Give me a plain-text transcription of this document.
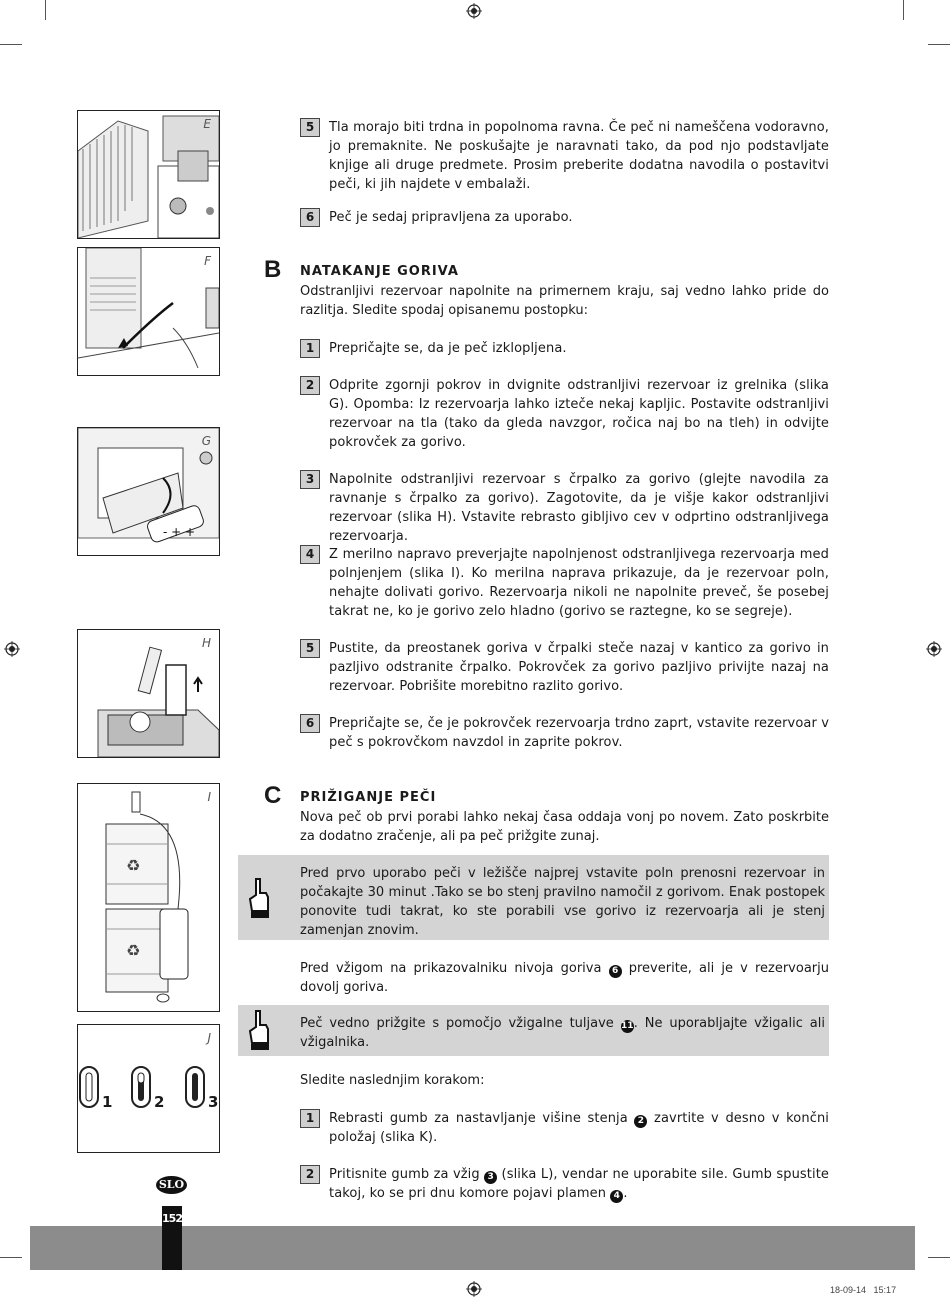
E
F
- + +
G
H
♻
♻
I
J
1	2	3
5	Tla morajo biti trdna in popolnoma ravna. Če peč ni nameščena vodoravno, jo premaknite. Ne poskušajte je naravnati tako, da pod njo podstavljate knjige ali druge predmete. Prosim preberite dodatna navodila o postavitvi peči, ki jih najdete v embalaži.
6	Peč je sedaj pripravljena za uporabo.
B NATAKANJE GORIVA
Odstranljivi rezervoar napolnite na primernem kraju, saj vedno lahko pride do razlitja. Sledite spodaj opisanemu postopku:
1	Prepričajte se, da je peč izklopljena.
2	Odprite zgornji pokrov in dvignite odstranljivi rezervoar iz grelnika (slika G). Opomba: Iz rezervoarja lahko izteče nekaj kapljic. Postavite odstranljivi rezervoar na tla (tako da gleda navzgor, ročica naj bo na tleh) in odvijte pokrovček za gorivo.
3	Napolnite odstranljivi rezervoar s črpalko za gorivo (glejte navodila za ravnanje s črpalko za gorivo). Zagotovite, da je višje kakor odstranljivi rezervoar (slika H). Vstavite rebrasto gibljivo cev v odprtino odstranljivega rezervoarja.
4	Z merilno napravo preverjajte napolnjenost odstranljivega rezervoarja med polnjenjem (slika I). Ko merilna naprava prikazuje, da je rezervoar poln, nehajte dolivati gorivo. Rezervoarja nikoli ne napolnite preveč, še posebej takrat ne, ko je gorivo zelo hladno (gorivo se raztegne, ko se segreje).
5	Pustite, da preostanek goriva v črpalki steče nazaj v kantico za gorivo in pazljivo odstranite črpalko. Pokrovček za gorivo pazljivo privijte nazaj na rezervoar. Pobrišite morebitno razlito gorivo.
6	Prepričajte se, če je pokrovček rezervoarja trdno zaprt, vstavite rezervoar v peč s pokrovčkom navzdol in zaprite pokrov.
C PRIŽIGANJE PEČI
Nova peč ob prvi porabi lahko nekaj časa oddaja vonj po novem. Zato poskrbite za dodatno zračenje, ali pa peč prižgite zunaj.
Pred prvo uporabo peči v ležišče najprej vstavite poln prenosni rezervoar in počakajte 30 minut .Tako se bo stenj pravilno namočil z gorivom. Enak postopek ponovite tudi takrat, ko ste porabili vse gorivo iz rezervoarja ali je stenj zamenjan znovim.
Pred vžigom na prikazovalniku nivoja goriva 6 preverite, ali je v rezervoarju dovolj goriva.
Peč vedno prižgite s pomočjo vžigalne tuljave 11. Ne uporabljajte vžigalic ali vžigalnika.
Sledite naslednjim korakom:
1	Rebrasti gumb za nastavljanje višine stenja 2 zavrtite v desno v končni položaj (slika K).
2	Pritisnite gumb za vžig 3 (slika L), vendar ne uporabite sile. Gumb spustite takoj, ko se pri dnu komore pojavi plamen 4 .
152
SLO
18-09-14 15:17
